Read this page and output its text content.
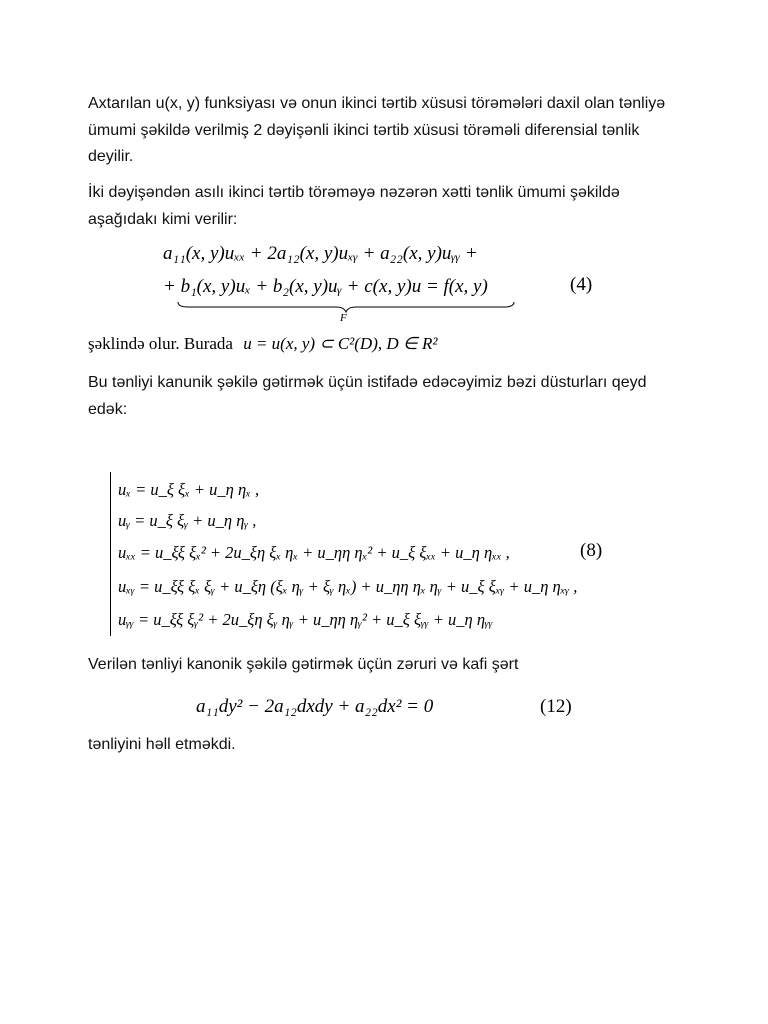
Axtarılan u(x, y) funksiyası və onun ikinci tərtib xüsusi törəmələri daxil olan tənliyə ümumi şəkildə verilmiş 2 dəyişənli ikinci tərtib xüsusi törəməli diferensial tənlik deyilir.

İki dəyişəndən asılı ikinci tərtib törəməyə nəzərən xətti tənlik ümumi şəkildə aşağıdakı kimi verilir:

a₁₁(x, y)uₓₓ + 2a₁₂(x, y)uₓᵧ + a₂₂(x, y)uᵧᵧ +
+ b₁(x, y)uₓ + b₂(x, y)uᵧ + c(x, y)u = f(x, y)
F
(4)
şəklində olur. Burada u = u(x, y) ⊂ C²(D), D ∈ R²

Bu tənliyi kanunik şəkilə gətirmək üçün istifadə edəcəyimiz bəzi düsturları qeyd edək:

uₓ = u_ξ ξₓ + u_η ηₓ ,
uᵧ = u_ξ ξᵧ + u_η ηᵧ ,
uₓₓ = u_ξξ ξₓ² + 2u_ξη ξₓ ηₓ + u_ηη ηₓ² + u_ξ ξₓₓ + u_η ηₓₓ ,
uₓᵧ = u_ξξ ξₓ ξᵧ + u_ξη (ξₓ ηᵧ + ξᵧ ηₓ) + u_ηη ηₓ ηᵧ + u_ξ ξₓᵧ + u_η ηₓᵧ ,
uᵧᵧ = u_ξξ ξᵧ² + 2u_ξη ξᵧ ηᵧ + u_ηη ηᵧ² + u_ξ ξᵧᵧ + u_η ηᵧᵧ
(8)

Verilən tənliyi kanonik şəkilə gətirmək üçün zəruri və kafi şərt

a₁₁dy² − 2a₁₂dxdy + a₂₂dx² = 0	(12)

tənliyini həll etməkdi.
